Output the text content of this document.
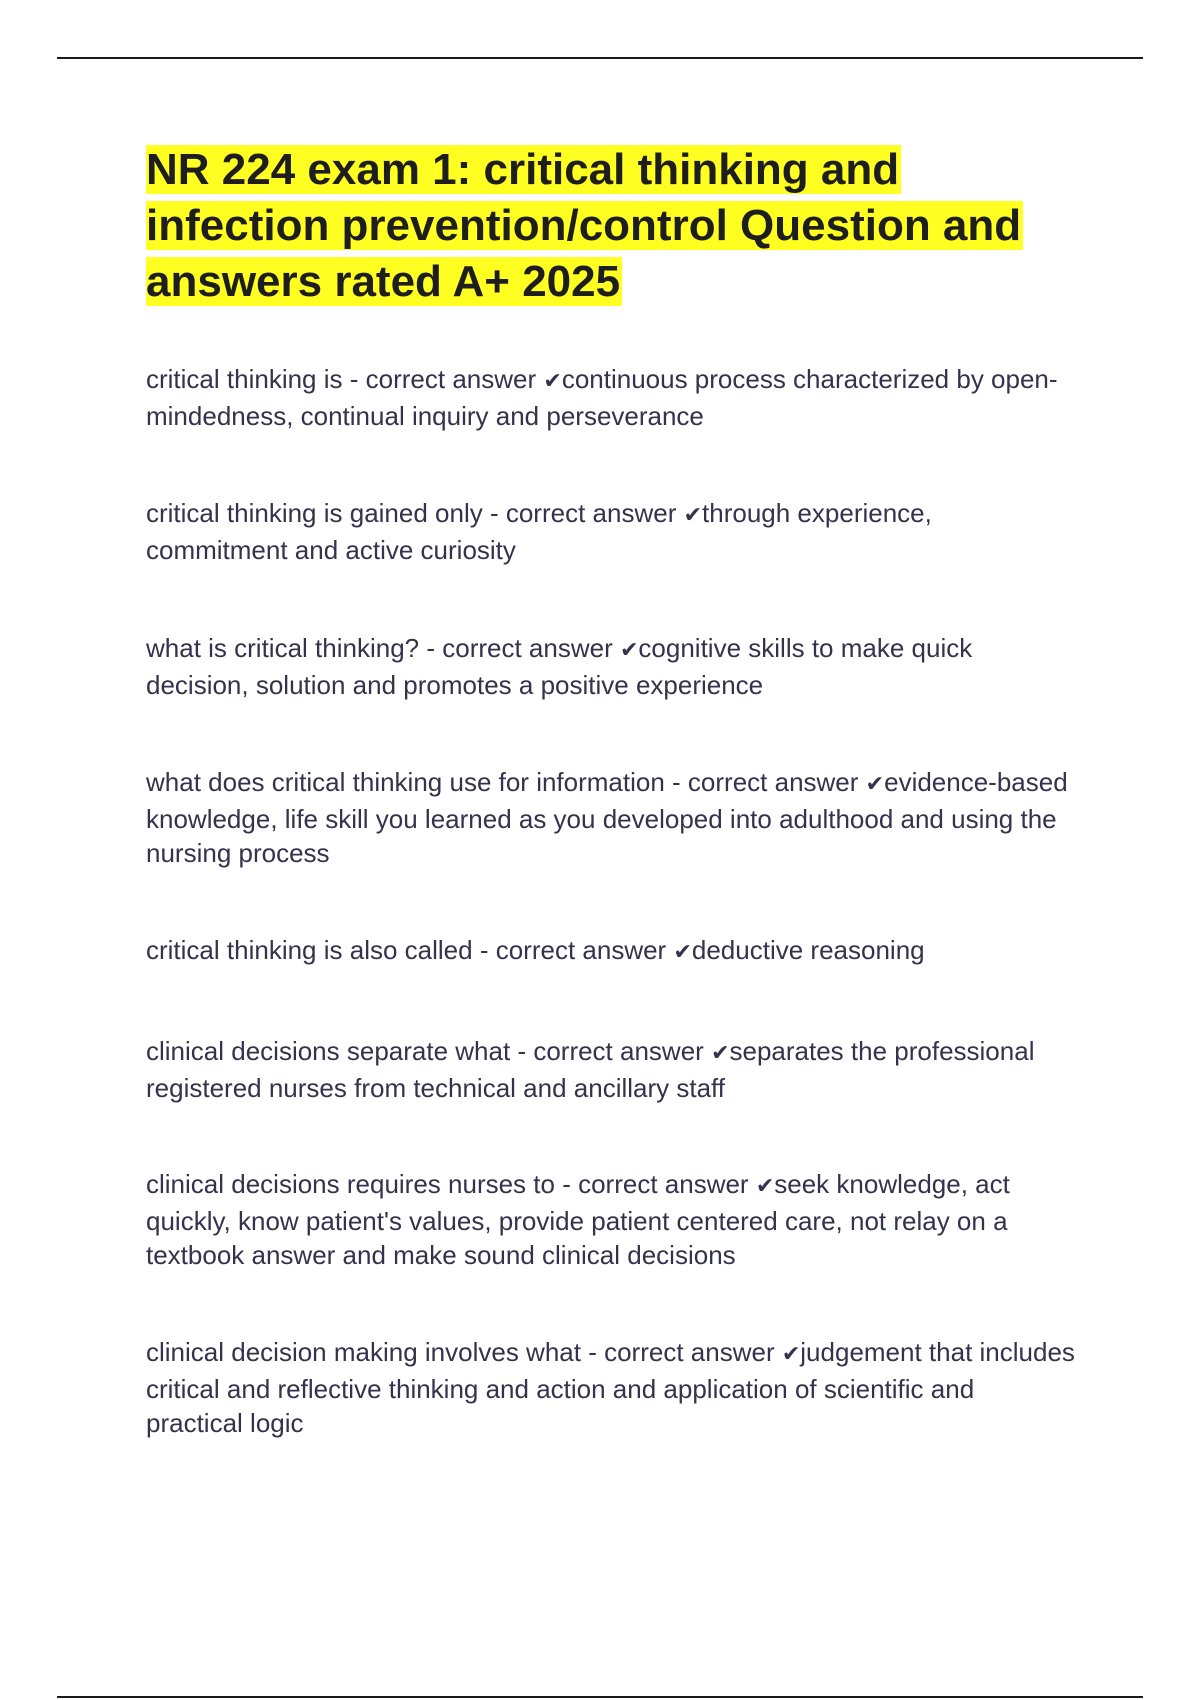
NR 224 exam 1: critical thinking and infection prevention/control Question and answers rated A+ 2025

critical thinking is - correct answer ✔continuous process characterized by open-mindedness, continual inquiry and perseverance

critical thinking is gained only - correct answer ✔through experience, commitment and active curiosity

what is critical thinking? - correct answer ✔cognitive skills to make quick decision, solution and promotes a positive experience

what does critical thinking use for information - correct answer ✔evidence-based knowledge, life skill you learned as you developed into adulthood and using the nursing process

critical thinking is also called - correct answer ✔deductive reasoning

clinical decisions separate what - correct answer ✔separates the professional registered nurses from technical and ancillary staff

clinical decisions requires nurses to - correct answer ✔seek knowledge, act quickly, know patient's values, provide patient centered care, not relay on a textbook answer and make sound clinical decisions

clinical decision making involves what - correct answer ✔judgement that includes critical and reflective thinking and action and application of scientific and practical logic
